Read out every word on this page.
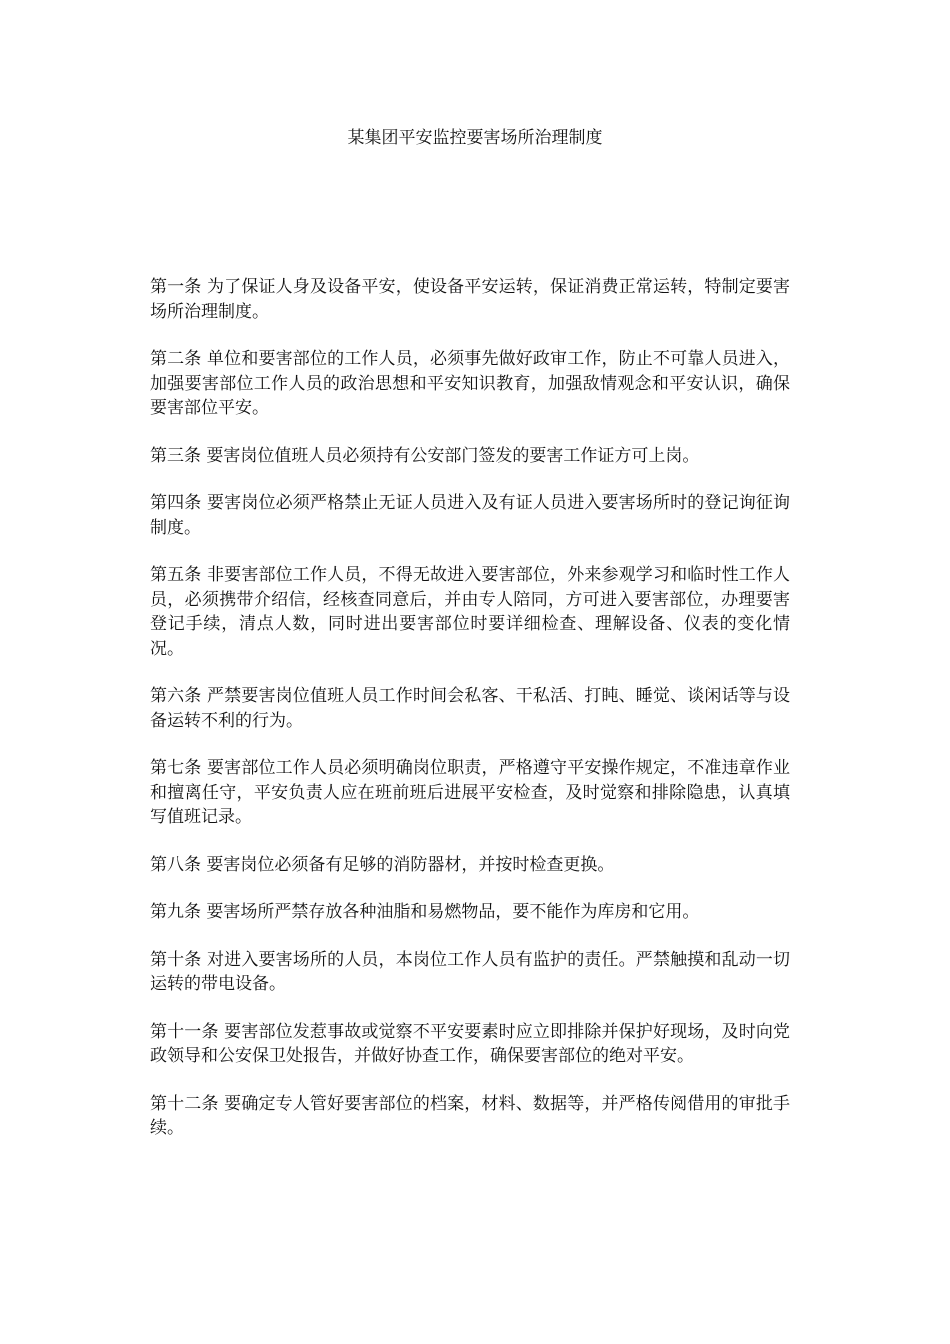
某集团平安监控要害场所治理制度

第一条 为了保证人身及设备平安，使设备平安运转，保证消费正常运转，特制定要害场所治理制度。

第二条 单位和要害部位的工作人员，必须事先做好政审工作，防止不可靠人员进入，加强要害部位工作人员的政治思想和平安知识教育，加强敌情观念和平安认识，确保要害部位平安。

第三条 要害岗位值班人员必须持有公安部门签发的要害工作证方可上岗。

第四条 要害岗位必须严格禁止无证人员进入及有证人员进入要害场所时的登记询征询制度。

第五条 非要害部位工作人员，不得无故进入要害部位，外来参观学习和临时性工作人员，必须携带介绍信，经核查同意后，并由专人陪同，方可进入要害部位，办理要害登记手续，清点人数，同时进出要害部位时要详细检查、理解设备、仪表的变化情况。

第六条 严禁要害岗位值班人员工作时间会私客、干私活、打盹、睡觉、谈闲话等与设备运转不利的行为。

第七条 要害部位工作人员必须明确岗位职责，严格遵守平安操作规定，不准违章作业和擅离任守，平安负责人应在班前班后进展平安检查，及时觉察和排除隐患，认真填写值班记录。

第八条 要害岗位必须备有足够的消防器材，并按时检查更换。

第九条 要害场所严禁存放各种油脂和易燃物品，要不能作为库房和它用。

第十条 对进入要害场所的人员，本岗位工作人员有监护的责任。严禁触摸和乱动一切运转的带电设备。

第十一条 要害部位发惹事故或觉察不平安要素时应立即排除并保护好现场，及时向党政领导和公安保卫处报告，并做好协查工作，确保要害部位的绝对平安。

第十二条 要确定专人管好要害部位的档案，材料、数据等，并严格传阅借用的审批手续。
